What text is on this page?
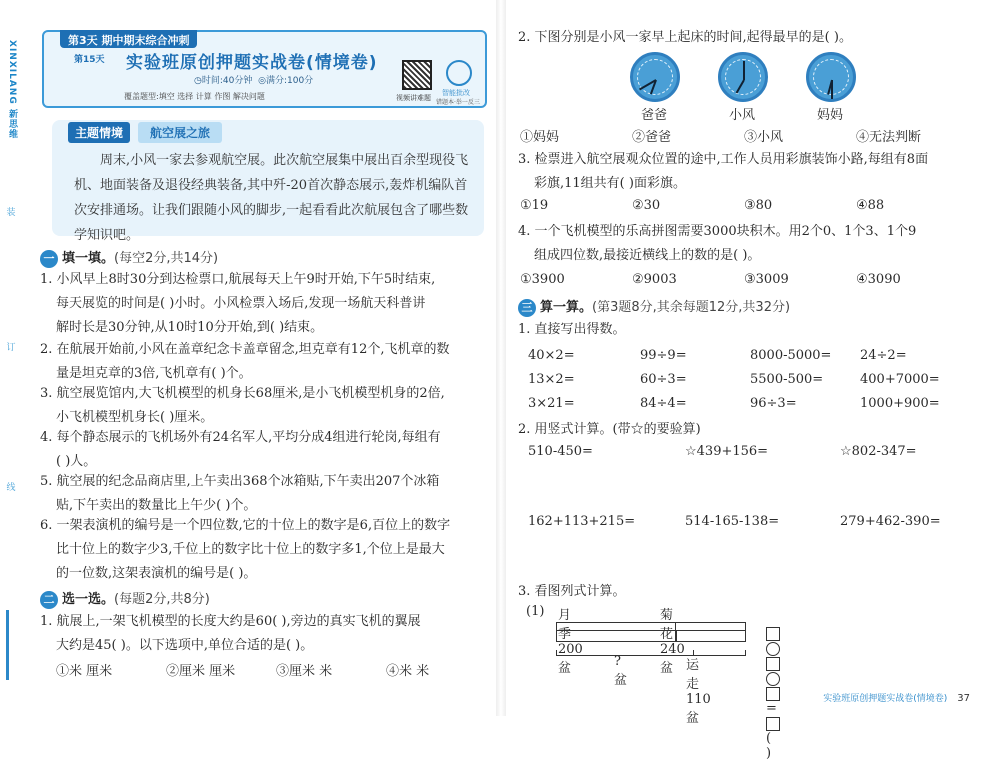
XINXILANG 新思维
装
订
线
第3天 期中期末综合冲刺
第15天 实验班原创押题实战卷(情境卷)
◷时间:40分钟 ◎满分:100分
覆盖题型:填空 选择 计算 作图 解决问题	视频讲难题
智能批改
错题本·举一反三
主题情境	航空展之旅
  周末,小风一家去参观航空展。此次航空展集中展出百余型现役飞机、地面装备及退役经典装备,其中歼-20首次静态展示,轰炸机编队首次安排通场。让我们跟随小风的脚步,一起看看此次航展包含了哪些数学知识吧。
一 填一填。(每空2分,共14分)
1. 小风早上8时30分到达检票口,航展每天上午9时开始,下午5时结束,
每天展览的时间是( )小时。小风检票入场后,发现一场航天科普讲
解时长是30分钟,从10时10分开始,到( )结束。
2. 在航展开始前,小风在盖章纪念卡盖章留念,坦克章有12个,飞机章的数
量是坦克章的3倍,飞机章有( )个。
3. 航空展览馆内,大飞机模型的机身长68厘米,是小飞机模型机身的2倍,
小飞机模型机身长( )厘米。
4. 每个静态展示的飞机场外有24名军人,平均分成4组进行轮岗,每组有
( )人。
5. 航空展的纪念品商店里,上午卖出368个冰箱贴,下午卖出207个冰箱
贴,下午卖出的数量比上午少( )个。
6. 一架表演机的编号是一个四位数,它的十位上的数字是6,百位上的数字
比十位上的数字少3,千位上的数字比十位上的数字多1,个位上是最大
的一位数,这架表演机的编号是( )。
二 选一选。(每题2分,共8分)
1. 航展上,一架飞机模型的长度大约是60( ),旁边的真实飞机的翼展
大约是45( )。以下选项中,单位合适的是( )。
①米 厘米	②厘米 厘米	③厘米 米	④米 米
2. 下图分别是小风一家早上起床的时间,起得最早的是( )。
爸爸	小风	妈妈
①妈妈	②爸爸	③小风	④无法判断
3. 检票进入航空展观众位置的途中,工作人员用彩旗装饰小路,每组有8面
彩旗,11组共有( )面彩旗。
①19	②30	③80	④88
4. 一个飞机模型的乐高拼图需要3000块积木。用2个0、1个3、1个9
组成四位数,最接近横线上的数的是( )。
①3900	②9003	③3009	④3090
三 算一算。(第3题8分,其余每题12分,共32分)
1. 直接写出得数。
40×2=	99÷9=	8000-5000= 24÷2=
13×2=	60÷3=	5500-500=	400+7000=
3×21=	84÷4=	96÷3=	1000+900=
2. 用竖式计算。(带☆的要验算)
510-450=	☆439+156=	☆802-347=
162+113+215=	514-165-138=	279+462-390=
3. 看图列式计算。
(1) 月季200盆
菊花240盆
?盆
运走110盆
=( )
实验班原创押题实战卷(情境卷) 37
